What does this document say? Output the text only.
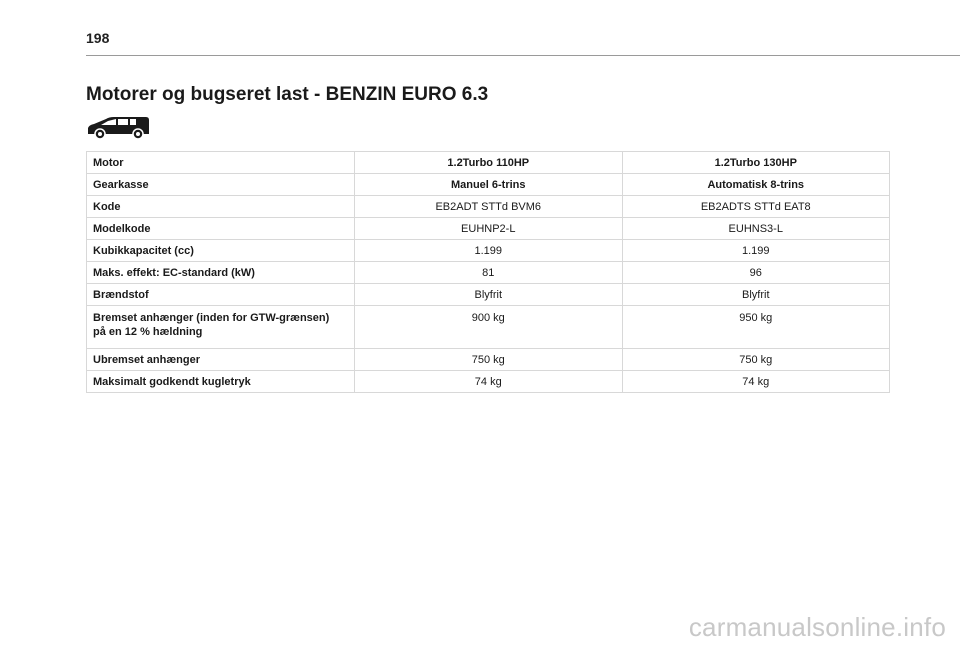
198
Motorer og bugseret last - BENZIN EURO 6.3
Motor	1.2Turbo 110HP	1.2Turbo 130HP
Gearkasse	Manuel 6-trins	Automatisk 8-trins
Kode	EB2ADT STTd BVM6	EB2ADTS STTd EAT8
Modelkode	EUHNP2-L	EUHNS3-L
Kubikkapacitet (cc)	1.199	1.199
Maks. effekt: EC-standard (kW)	81	96
Brændstof	Blyfrit	Blyfrit
Bremset anhænger (inden for GTW-grænsen)
på en 12 % hældning	900 kg	950 kg
Ubremset anhænger	750 kg	750 kg
Maksimalt godkendt kugletryk	74 kg	74 kg
carmanualsonline.info
